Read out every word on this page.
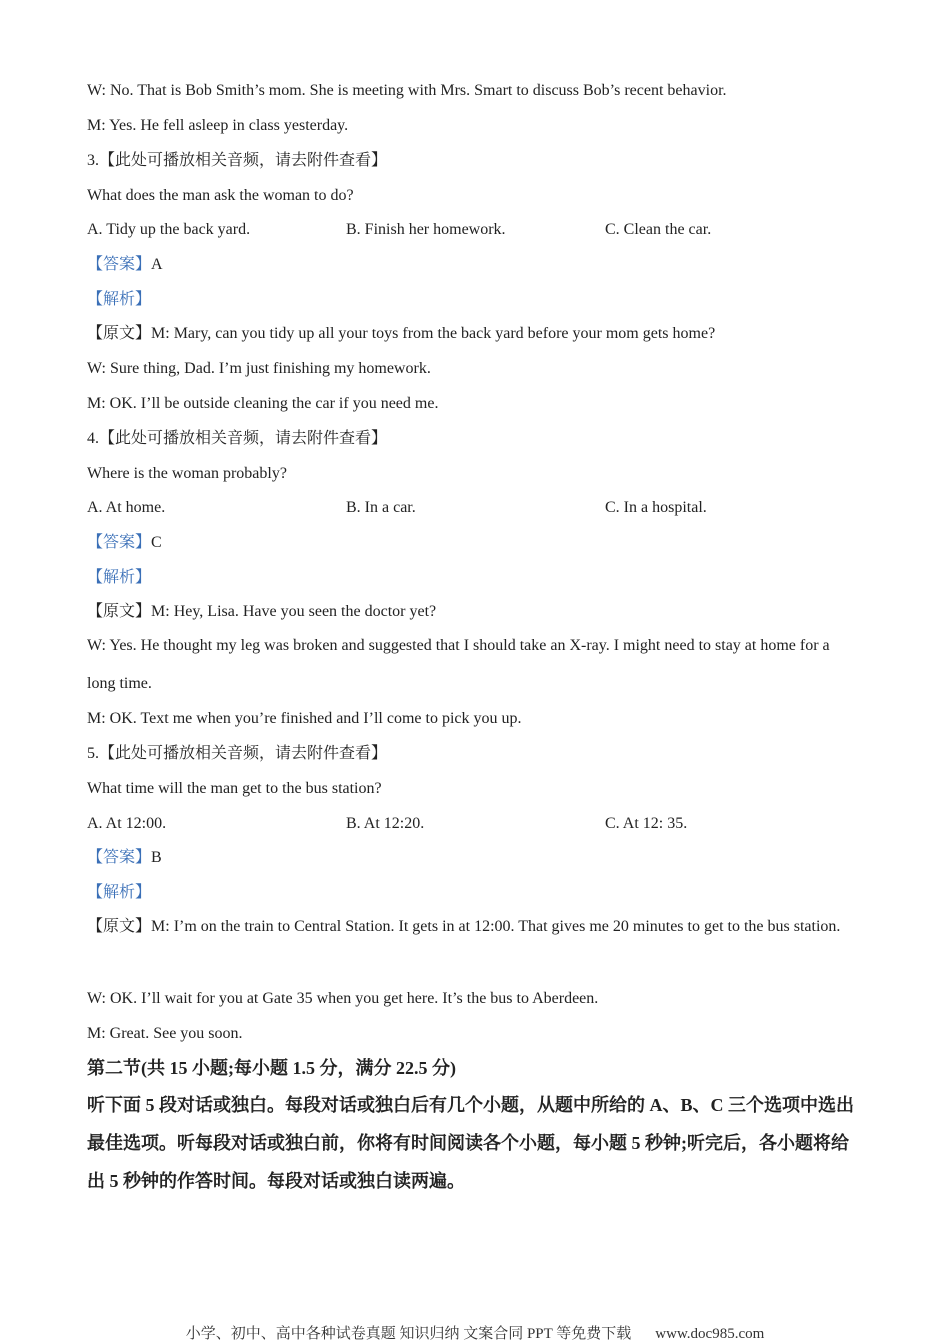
W: No. That is Bob Smith’s mom. She is meeting with Mrs. Smart to discuss Bob’s recent behavior.
M: Yes. He fell asleep in class yesterday.
3.【此处可播放相关音频，请去附件查看】
What does the man ask the woman to do?
A. Tidy up the back yard.	B. Finish her homework.	C. Clean the car.
【答案】A
【解析】
【原文】M: Mary, can you tidy up all your toys from the back yard before your mom gets home?
W: Sure thing, Dad. I’m just finishing my homework.
M: OK. I’ll be outside cleaning the car if you need me.
4.【此处可播放相关音频，请去附件查看】
Where is the woman probably?
A. At home.	B. In a car.	C. In a hospital.
【答案】C
【解析】
【原文】M: Hey, Lisa. Have you seen the doctor yet?
W: Yes. He thought my leg was broken and suggested that I should take an X-ray. I might need to stay at home for a long time.
M: OK. Text me when you’re finished and I’ll come to pick you up.
5.【此处可播放相关音频，请去附件查看】
What time will the man get to the bus station?
A. At 12:00.	B. At 12:20.	C. At 12: 35.
【答案】B
【解析】
【原文】M: I’m on the train to Central Station. It gets in at 12:00. That gives me 20 minutes to get to the bus station.
W: OK. I’ll wait for you at Gate 35 when you get here. It’s the bus to Aberdeen.
M: Great. See you soon.
第二节(共 15 小题;每小题 1.5 分，满分 22.5 分)
听下面 5 段对话或独白。每段对话或独白后有几个小题，从题中所给的 A、B、C 三个选项中选出最佳选项。听每段对话或独白前，你将有时间阅读各个小题，每小题 5 秒钟;听完后，各小题将给出 5 秒钟的作答时间。每段对话或独白读两遍。
小学、初中、高中各种试卷真题 知识归纳 文案合同 PPT 等免费下载 www.doc985.com
